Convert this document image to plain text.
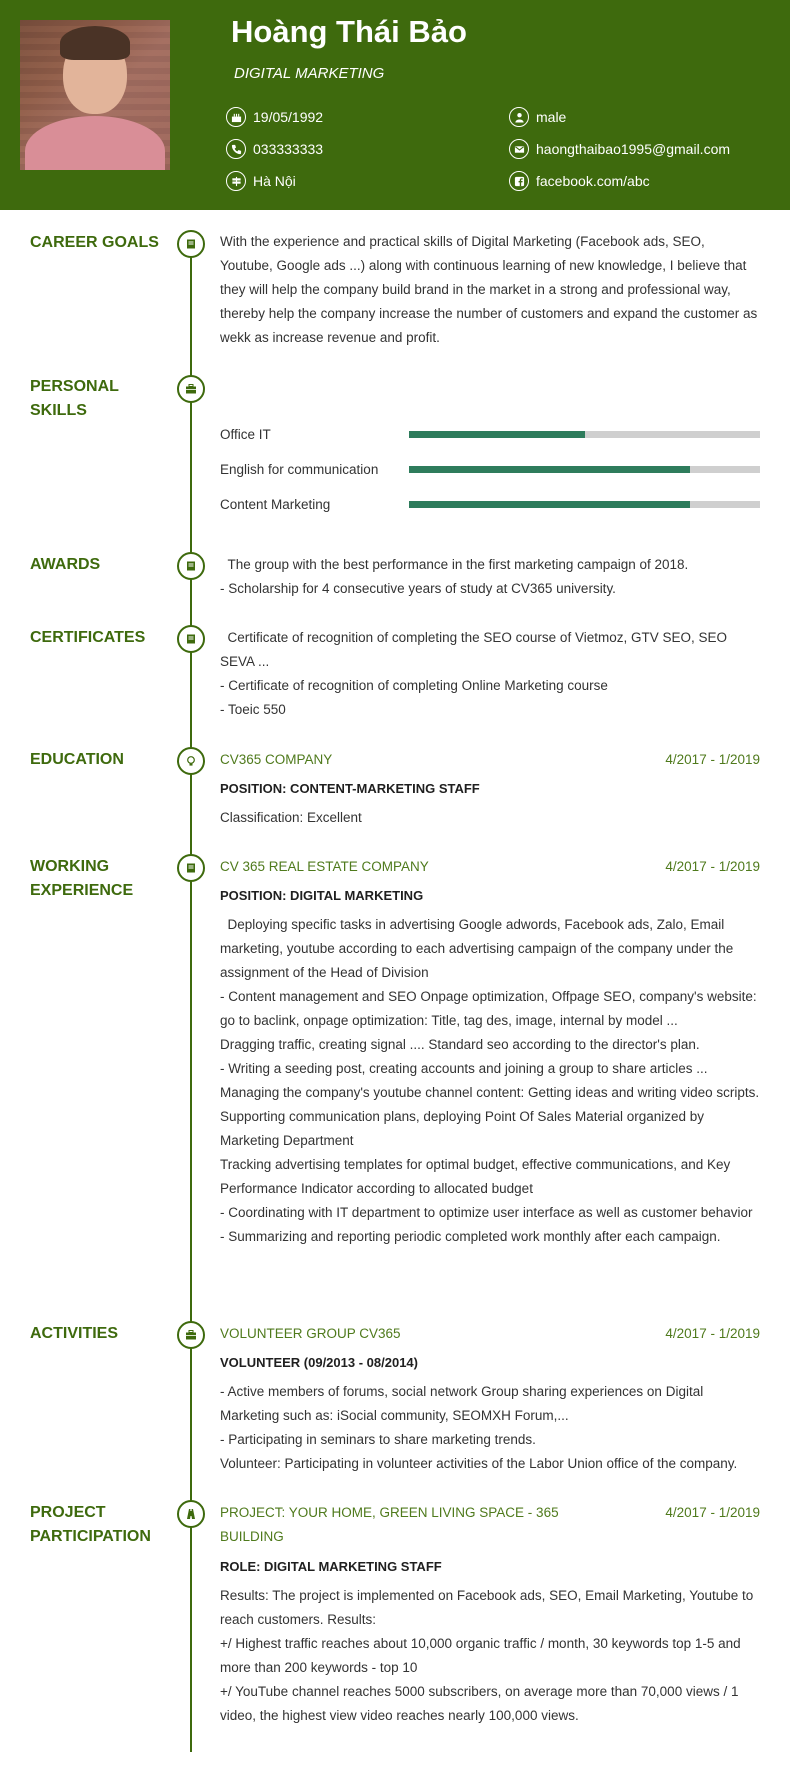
Hoàng Thái Bảo
DIGITAL MARKETING
19/05/1992	male
033333333	haongthaibao1995@gmail.com
Hà Nội	facebook.com/abc
CAREER GOALS	With the experience and practical skills of Digital Marketing (Facebook ads, SEO, Youtube, Google ads ...) along with continuous learning of new knowledge, I believe that they will help the company build brand in the market in a strong and professional way, thereby help the company increase the number of customers and expand the customer as wekk as increase revenue and profit.
PERSONAL
SKILLS
Office IT
English for communication
Content Marketing
AWARDS	The group with the best performance in the first marketing campaign of 2018.
- Scholarship for 4 consecutive years of study at CV365 university.
CERTIFICATES	Certificate of recognition of completing the SEO course of Vietmoz, GTV SEO, SEO SEVA ...
- Certificate of recognition of completing Online Marketing course
- Toeic 550
EDUCATION	CV365 COMPANY	4/2017 - 1/2019
POSITION: CONTENT-MARKETING STAFF
Classification: Excellent
WORKING
EXPERIENCE
CV 365 REAL ESTATE COMPANY	4/2017 - 1/2019
POSITION: DIGITAL MARKETING
Deploying specific tasks in advertising Google adwords, Facebook ads, Zalo, Email marketing, youtube according to each advertising campaign of the company under the assignment of the Head of Division
- Content management and SEO Onpage optimization, Offpage SEO, company's website: go to baclink, onpage optimization: Title, tag des, image, internal by model ...
Dragging traffic, creating signal .... Standard seo according to the director's plan.
- Writing a seeding post, creating accounts and joining a group to share articles ...
Managing the company's youtube channel content: Getting ideas and writing video scripts.
Supporting communication plans, deploying Point Of Sales Material organized by Marketing Department
Tracking advertising templates for optimal budget, effective communications, and Key Performance Indicator according to allocated budget
- Coordinating with IT department to optimize user interface as well as customer behavior
- Summarizing and reporting periodic completed work monthly after each campaign.
ACTIVITIES	VOLUNTEER GROUP CV365	4/2017 - 1/2019
VOLUNTEER (09/2013 - 08/2014)
- Active members of forums, social network Group sharing experiences on Digital Marketing such as: iSocial community, SEOMXH Forum,...
- Participating in seminars to share marketing trends.
Volunteer: Participating in volunteer activities of the Labor Union office of the company.
PROJECT
PARTICIPATION
PROJECT: YOUR HOME, GREEN LIVING SPACE - 365
BUILDING
4/2017 - 1/2019
ROLE: DIGITAL MARKETING STAFF
Results: The project is implemented on Facebook ads, SEO, Email Marketing, Youtube to reach customers. Results:
+/ Highest traffic reaches about 10,000 organic traffic / month, 30 keywords top 1-5 and more than 200 keywords - top 10
+/ YouTube channel reaches 5000 subscribers, on average more than 70,000 views / 1 video, the highest view video reaches nearly 100,000 views.
